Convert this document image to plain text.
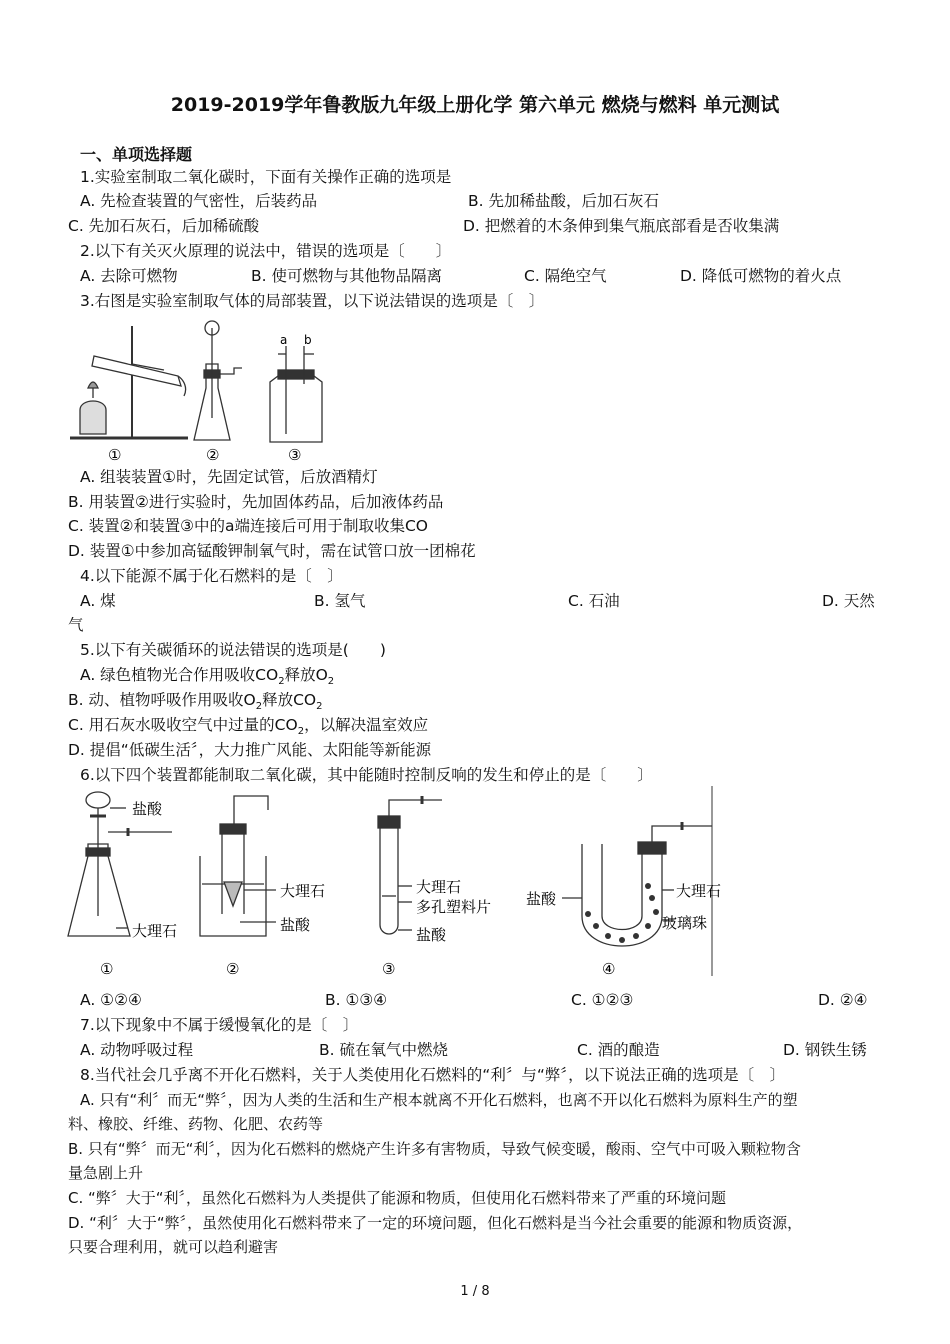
2019-2019学年鲁教版九年级上册化学 第六单元 燃烧与燃料 单元测试
一、单项选择题
1.实验室制取二氧化碳时，下面有关操作正确的选项是
A. 先检查装置的气密性，后装药品	B. 先加稀盐酸，后加石灰石
C. 先加石灰石，后加稀硫酸	D. 把燃着的木条伸到集气瓶底部看是否收集满
2.以下有关灭火原理的说法中，错误的选项是〔　　〕
A. 去除可燃物	B. 使可燃物与其他物品隔离	C. 隔绝空气	D. 降低可燃物的着火点
3.右图是实验室制取气体的局部装置，以下说法错误的选项是〔　〕
a b
①	②	③
A. 组装装置①时，先固定试管，后放酒精灯
B. 用装置②进行实验时，先加固体药品，后加液体药品
C. 装置②和装置③中的a端连接后可用于制取收集CO
D. 装置①中参加高锰酸钾制氧气时，需在试管口放一团棉花
4.以下能源不属于化石燃料的是〔　〕
A. 煤	B. 氢气	C. 石油	D. 天然
气
5.以下有关碳循环的说法错误的选项是(　　)
A. 绿色植物光合作用吸收$CO_2$释放$O_2$
B. 动、植物呼吸作用吸收$O_2$释放$CO_2$
C. 用石灰水吸收空气中过量的$CO_2$，以解决温室效应
D. 提倡“低碳生活〞，大力推广风能、太阳能等新能源
6.以下四个装置都能制取二氧化碳，其中能随时控制反响的发生和停止的是〔　　〕
盐酸
大理石
大理石
盐酸
大理石
多孔塑料片
盐酸
盐酸	大理石
玻璃珠
①	②	③	④
A. ①②④	B. ①③④	C. ①②③	D. ②④
7.以下现象中不属于缓慢氧化的是〔　〕
A. 动物呼吸过程	B. 硫在氧气中燃烧	C. 酒的酿造	D. 钢铁生锈
8.当代社会几乎离不开化石燃料，关于人类使用化石燃料的“利〞与“弊〞，以下说法正确的选项是〔　〕
A. 只有“利〞而无“弊〞，因为人类的生活和生产根本就离不开化石燃料，也离不开以化石燃料为原料生产的塑
料、橡胶、纤维、药物、化肥、农药等
B. 只有“弊〞而无“利〞，因为化石燃料的燃烧产生许多有害物质，导致气候变暖，酸雨、空气中可吸入颗粒物含
量急剧上升
C. “弊〞大于“利〞，虽然化石燃料为人类提供了能源和物质，但使用化石燃料带来了严重的环境问题
D. “利〞大于“弊〞，虽然使用化石燃料带来了一定的环境问题，但化石燃料是当今社会重要的能源和物质资源，
只要合理利用，就可以趋利避害
1 / 8
